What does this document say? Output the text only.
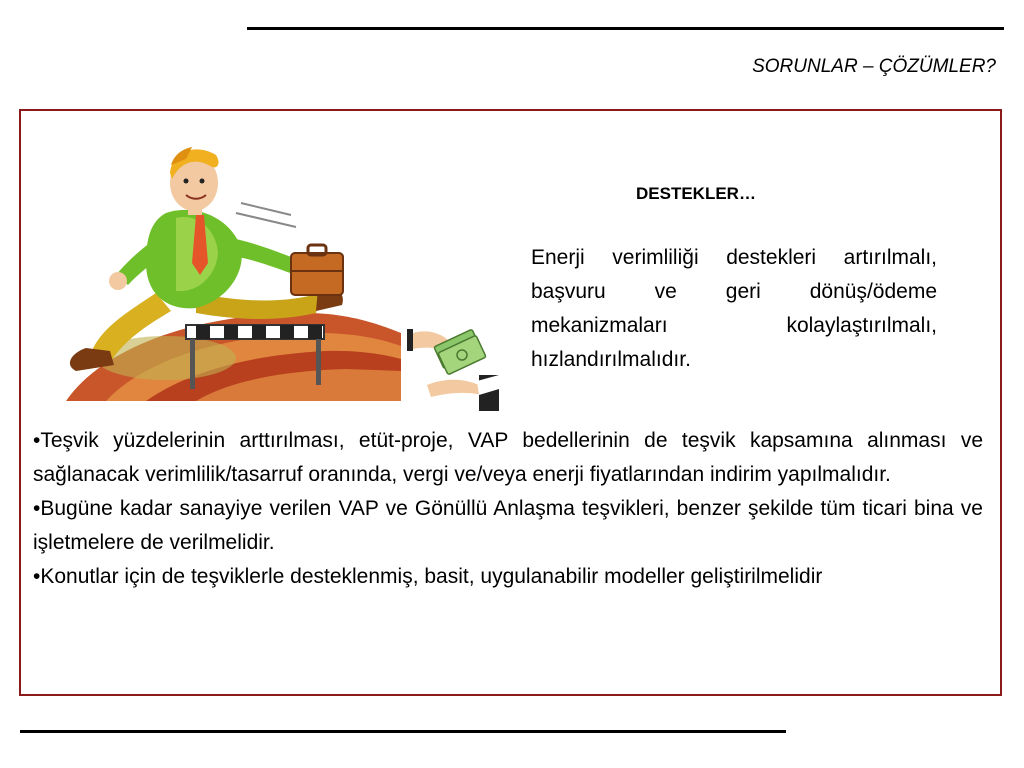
SORUNLAR – ÇÖZÜMLER?
DESTEKLER…
Enerji verimliliği destekleri artırılmalı, başvuru ve geri dönüş/ödeme mekanizmaları kolaylaştırılmalı, hızlandırılmalıdır.

•Teşvik yüzdelerinin arttırılması, etüt-proje, VAP bedellerinin de teşvik kapsamına alınması ve sağlanacak verimlilik/tasarruf oranında, vergi ve/veya enerji fiyatlarından indirim yapılmalıdır.

•Bugüne kadar sanayiye verilen VAP ve Gönüllü Anlaşma teşvikleri, benzer şekilde tüm ticari bina ve işletmelere de verilmelidir.

•Konutlar için de teşviklerle desteklenmiş, basit, uygulanabilir modeller geliştirilmelidir
